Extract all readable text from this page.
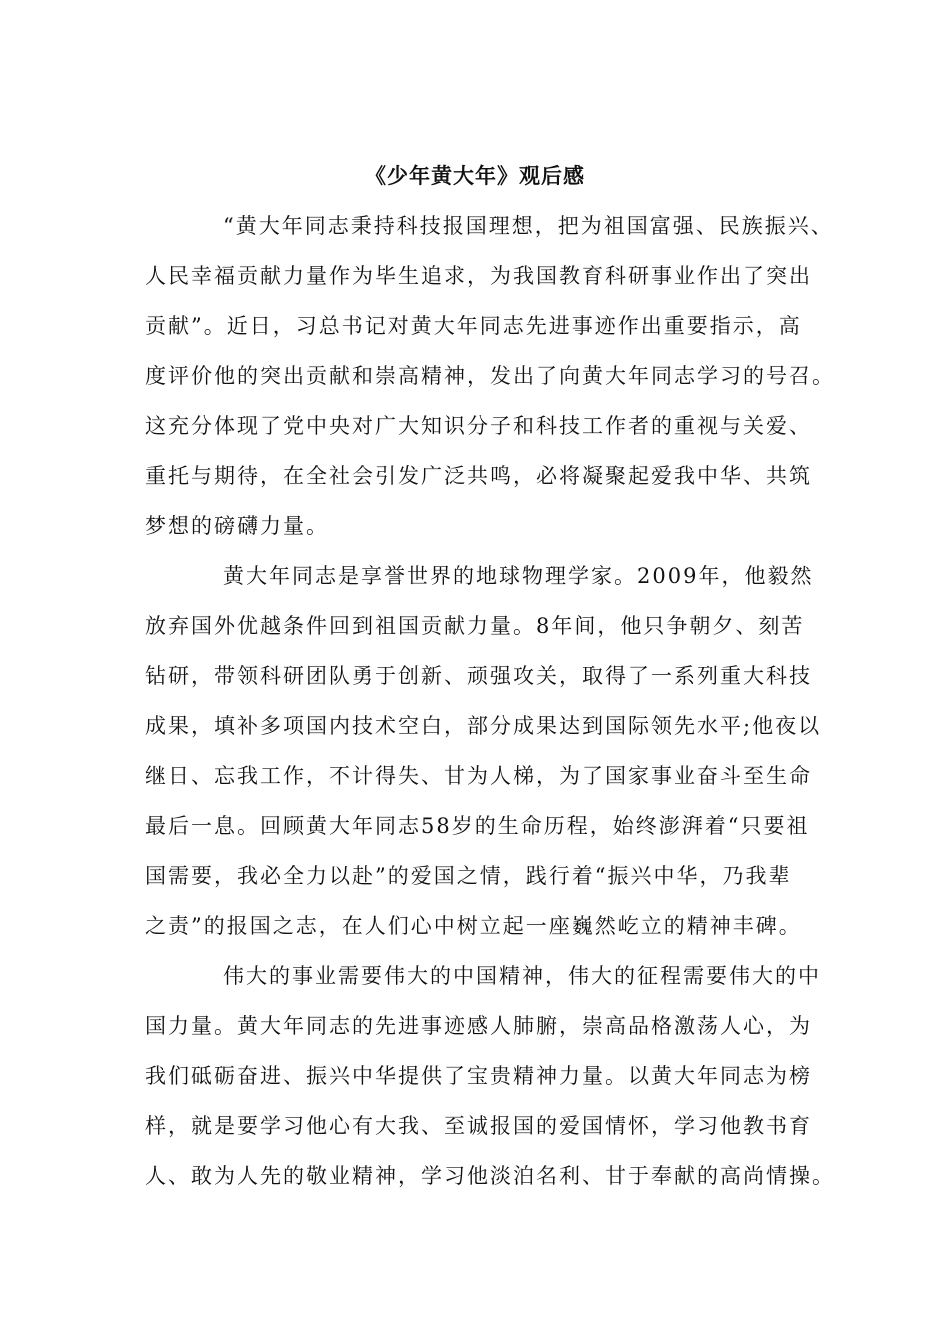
《少年黄大年》观后感
“黄大年同志秉持科技报国理想，把为祖国富强、民族振兴、
人民幸福贡献力量作为毕生追求，为我国教育科研事业作出了突出
贡献”。近日，习总书记对黄大年同志先进事迹作出重要指示，高
度评价他的突出贡献和崇高精神，发出了向黄大年同志学习的号召。
这充分体现了党中央对广大知识分子和科技工作者的重视与关爱、
重托与期待，在全社会引发广泛共鸣，必将凝聚起爱我中华、共筑
梦想的磅礴力量。
黄大年同志是享誉世界的地球物理学家。2009年，他毅然
放弃国外优越条件回到祖国贡献力量。8年间，他只争朝夕、刻苦
钻研，带领科研团队勇于创新、顽强攻关，取得了一系列重大科技
成果，填补多项国内技术空白，部分成果达到国际领先水平;他夜以
继日、忘我工作，不计得失、甘为人梯，为了国家事业奋斗至生命
最后一息。回顾黄大年同志58岁的生命历程，始终澎湃着“只要祖
国需要，我必全力以赴”的爱国之情，践行着“振兴中华，乃我辈
之责”的报国之志，在人们心中树立起一座巍然屹立的精神丰碑。
伟大的事业需要伟大的中国精神，伟大的征程需要伟大的中
国力量。黄大年同志的先进事迹感人肺腑，崇高品格激荡人心，为
我们砥砺奋进、振兴中华提供了宝贵精神力量。以黄大年同志为榜
样，就是要学习他心有大我、至诚报国的爱国情怀，学习他教书育
人、敢为人先的敬业精神，学习他淡泊名利、甘于奉献的高尚情操。
